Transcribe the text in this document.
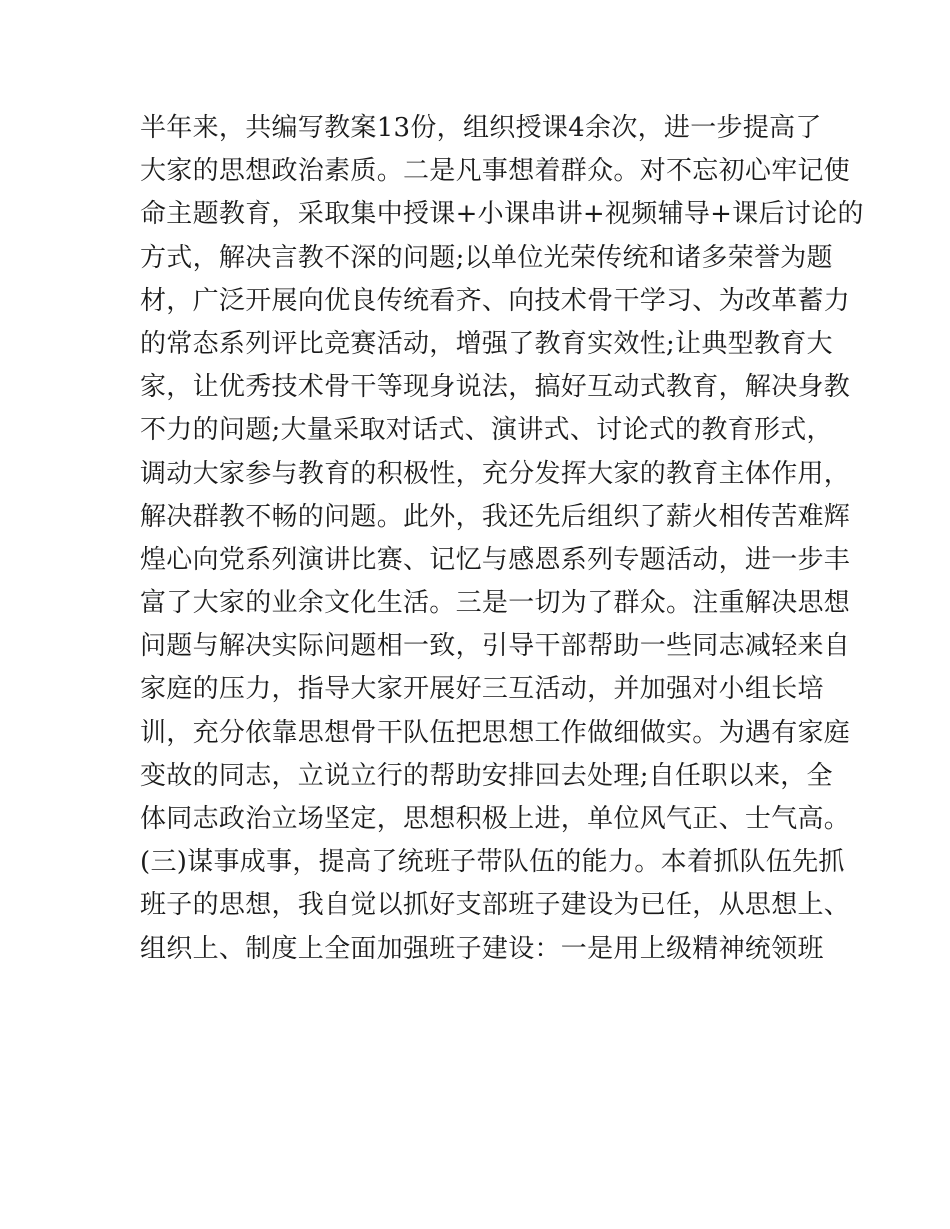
半年来，共编写教案13份，组织授课4余次，进一步提高了
大家的思想政治素质。二是凡事想着群众。对不忘初心牢记使
命主题教育，采取集中授课+小课串讲+视频辅导+课后讨论的
方式，解决言教不深的问题;以单位光荣传统和诸多荣誉为题
材，广泛开展向优良传统看齐、向技术骨干学习、为改革蓄力
的常态系列评比竞赛活动，增强了教育实效性;让典型教育大
家，让优秀技术骨干等现身说法，搞好互动式教育，解决身教
不力的问题;大量采取对话式、演讲式、讨论式的教育形式，
调动大家参与教育的积极性，充分发挥大家的教育主体作用，
解决群教不畅的问题。此外，我还先后组织了薪火相传苦难辉
煌心向党系列演讲比赛、记忆与感恩系列专题活动，进一步丰
富了大家的业余文化生活。三是一切为了群众。注重解决思想
问题与解决实际问题相一致，引导干部帮助一些同志减轻来自
家庭的压力，指导大家开展好三互活动，并加强对小组长培
训，充分依靠思想骨干队伍把思想工作做细做实。为遇有家庭
变故的同志，立说立行的帮助安排回去处理;自任职以来，全
体同志政治立场坚定，思想积极上进，单位风气正、士气高。
(三)谋事成事，提高了统班子带队伍的能力。本着抓队伍先抓
班子的思想，我自觉以抓好支部班子建设为已任，从思想上、
组织上、制度上全面加强班子建设：一是用上级精神统领班
